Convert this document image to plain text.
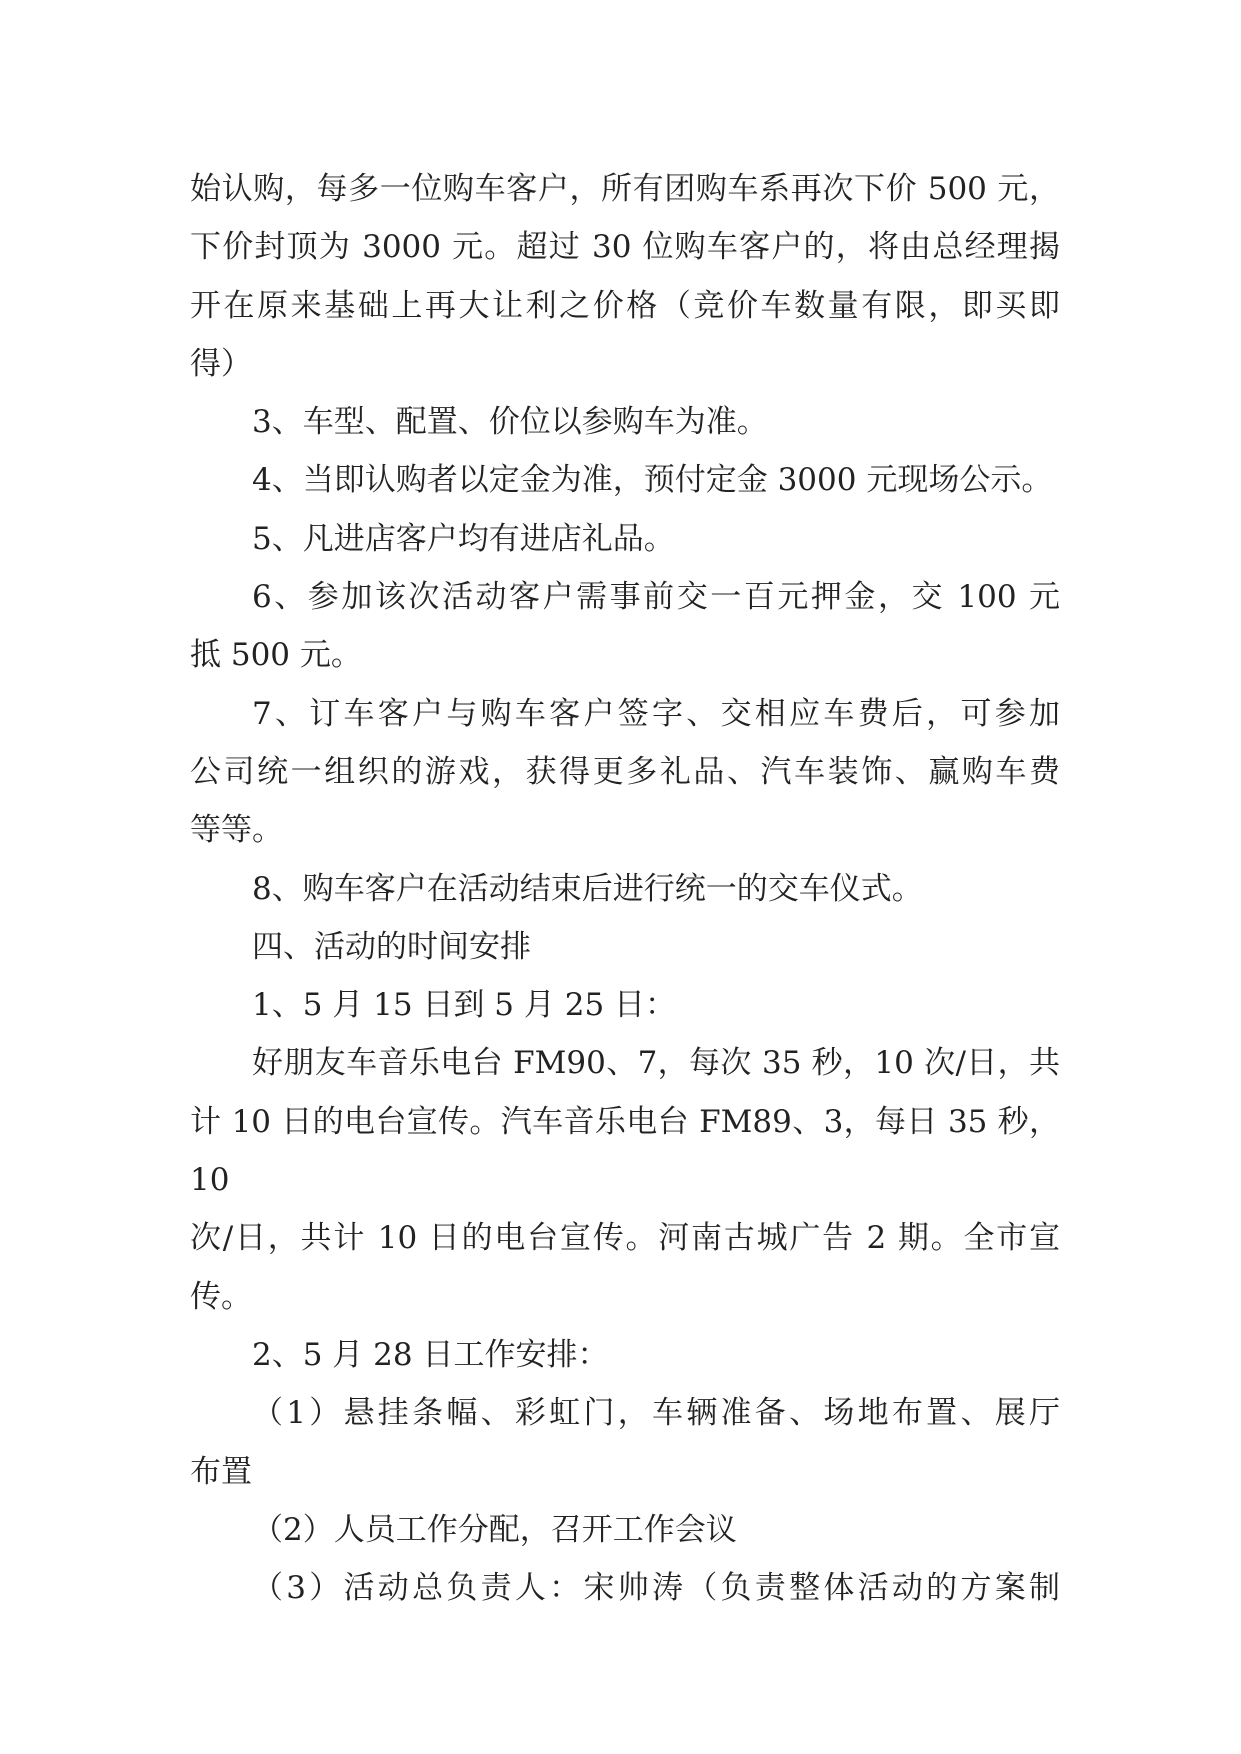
始认购，每多一位购车客户，所有团购车系再次下价 500 元，
下价封顶为 3000 元。超过 30 位购车客户的，将由总经理揭
开在原来基础上再大让利之价格（竞价车数量有限，即买即
得）

3、车型、配置、价位以参购车为准。

4、当即认购者以定金为准，预付定金 3000 元现场公示。

5、凡进店客户均有进店礼品。

6、参加该次活动客户需事前交一百元押金，交 100 元
抵 500 元。

7、订车客户与购车客户签字、交相应车费后，可参加
公司统一组织的游戏，获得更多礼品、汽车装饰、赢购车费
等等。

8、购车客户在活动结束后进行统一的交车仪式。

四、活动的时间安排

1、5 月 15 日到 5 月 25 日：

好朋友车音乐电台 FM90、7，每次 35 秒，10 次/日，共
计 10 日的电台宣传。汽车音乐电台 FM89、3，每日 35 秒，10
次/日，共计 10 日的电台宣传。河南古城广告 2 期。全市宣
传。

2、5 月 28 日工作安排：

（1）悬挂条幅、彩虹门，车辆准备、场地布置、展厅
布置

（2）人员工作分配，召开工作会议

（3）活动总负责人：宋帅涛（负责整体活动的方案制
